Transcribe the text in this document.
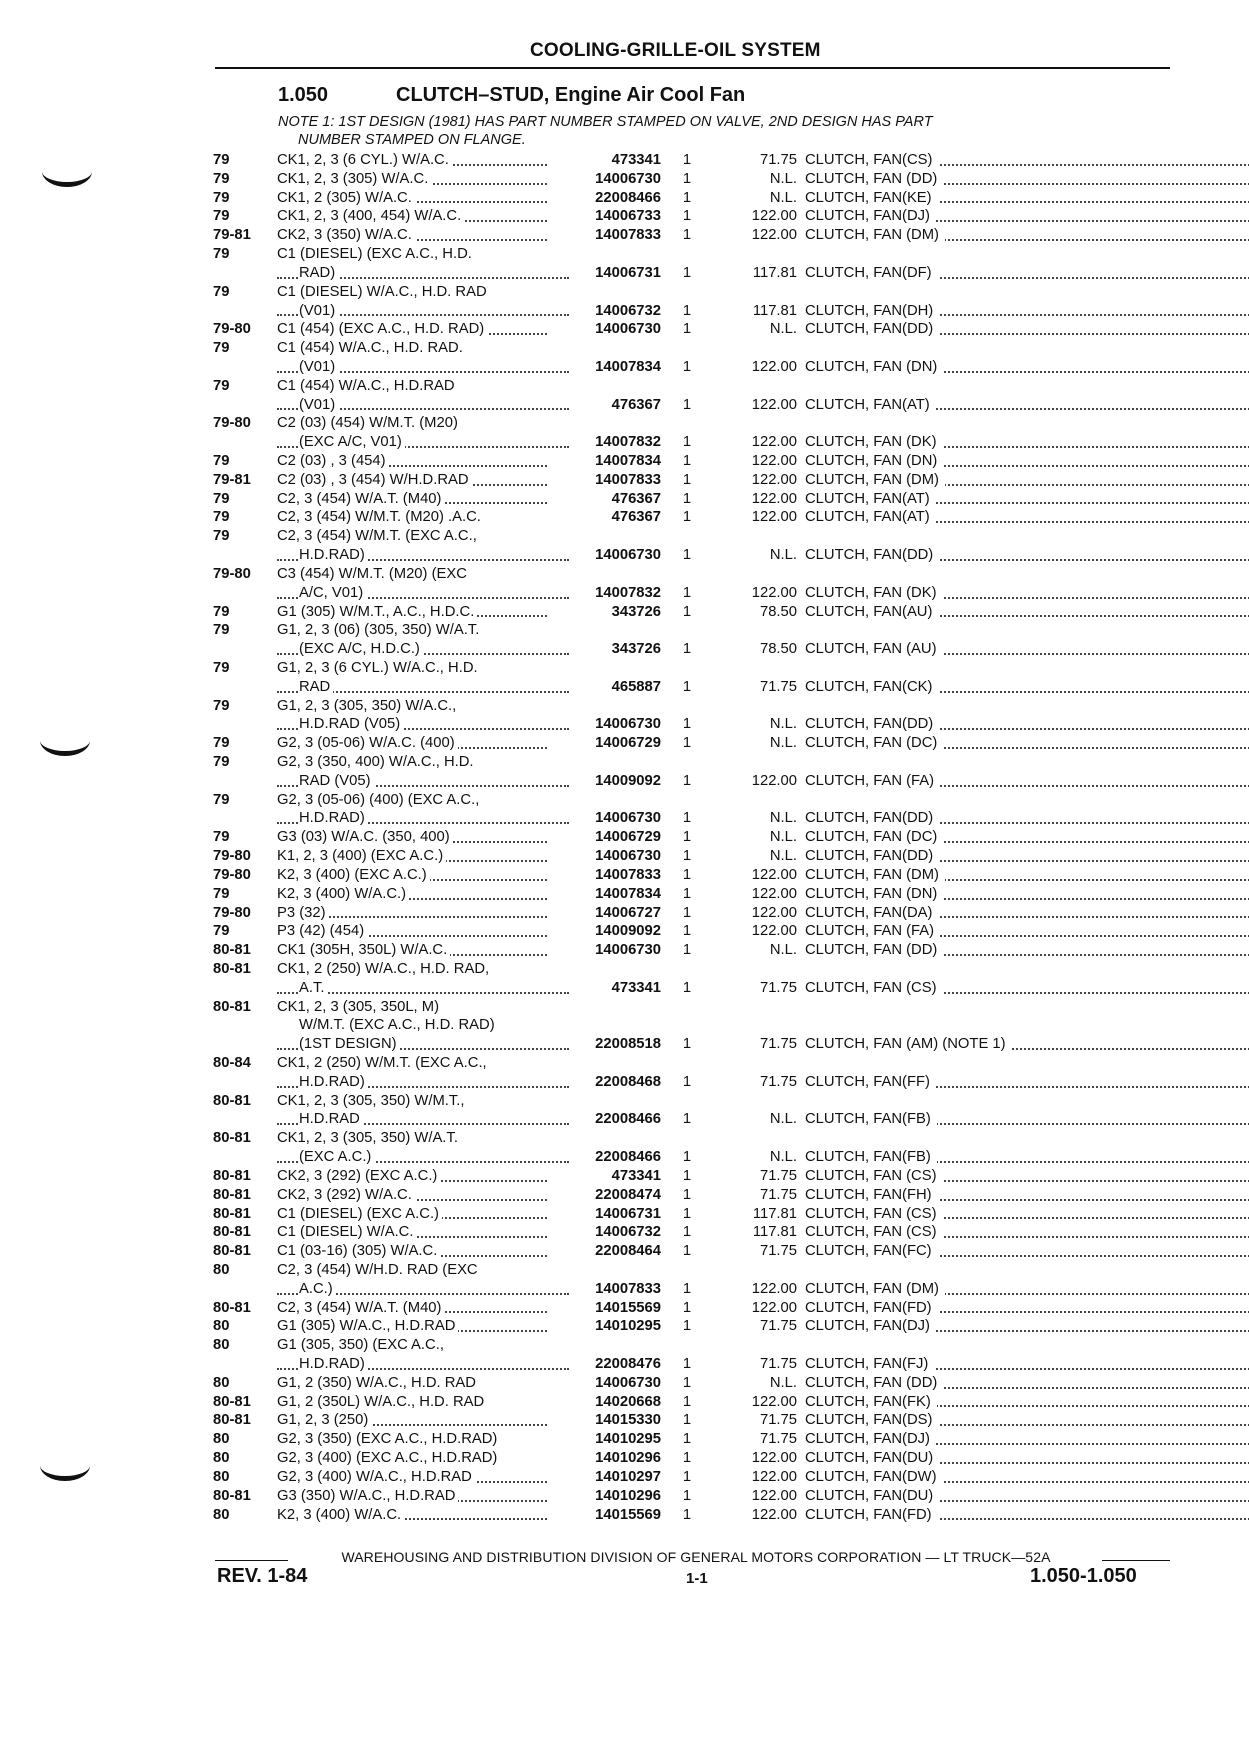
COOLING-GRILLE-OIL SYSTEM
1.050	CLUTCH–STUD, Engine Air Cool Fan
NOTE 1: 1ST DESIGN (1981) HAS PART NUMBER STAMPED ON VALVE, 2ND DESIGN HAS PART
NUMBER STAMPED ON FLANGE.
79	CK1, 2, 3 (6 CYL.) W/A.C.	473341	1	71.75 CLUTCH, FAN(CS)
79	CK1, 2, 3 (305) W/A.C.	14006730	1	N.L. CLUTCH, FAN (DD)
79	CK1, 2 (305) W/A.C.	22008466	1	N.L. CLUTCH, FAN(KE)
79	CK1, 2, 3 (400, 454) W/A.C.	14006733	1	122.00 CLUTCH, FAN(DJ)
79-81	CK2, 3 (350) W/A.C.	14007833	1	122.00 CLUTCH, FAN (DM)
79	C1 (DIESEL) (EXC A.C., H.D.
RAD)	14006731	1	117.81 CLUTCH, FAN(DF)
79	C1 (DIESEL) W/A.C., H.D. RAD
(V01)	14006732	1	117.81 CLUTCH, FAN(DH)
79-80	C1 (454) (EXC A.C., H.D. RAD)	14006730	1	N.L. CLUTCH, FAN(DD)
79	C1 (454) W/A.C., H.D. RAD.
(V01)	14007834	1	122.00 CLUTCH, FAN (DN)
79	C1 (454) W/A.C., H.D.RAD
(V01)	476367	1	122.00 CLUTCH, FAN(AT)
79-80	C2 (03) (454) W/M.T. (M20)
(EXC A/C, V01)	14007832	1	122.00 CLUTCH, FAN (DK)
79	C2 (03) , 3 (454)	14007834	1	122.00 CLUTCH, FAN (DN)
79-81	C2 (03) , 3 (454) W/H.D.RAD	14007833	1	122.00 CLUTCH, FAN (DM)
79	C2, 3 (454) W/A.T. (M40)	476367	1	122.00 CLUTCH, FAN(AT)
79	C2, 3 (454) W/M.T. (M20) .A.C.	476367	1	122.00 CLUTCH, FAN(AT)
79	C2, 3 (454) W/M.T. (EXC A.C.,
H.D.RAD)	14006730	1	N.L. CLUTCH, FAN(DD)
79-80	C3 (454) W/M.T. (M20) (EXC
A/C, V01)	14007832	1	122.00 CLUTCH, FAN (DK)
79	G1 (305) W/M.T., A.C., H.D.C.	343726	1	78.50 CLUTCH, FAN(AU)
79	G1, 2, 3 (06) (305, 350) W/A.T.
(EXC A/C, H.D.C.)	343726	1	78.50 CLUTCH, FAN (AU)
79	G1, 2, 3 (6 CYL.) W/A.C., H.D.
RAD	465887	1	71.75 CLUTCH, FAN(CK)
79	G1, 2, 3 (305, 350) W/A.C.,
H.D.RAD (V05)	14006730	1	N.L. CLUTCH, FAN(DD)
79	G2, 3 (05-06) W/A.C. (400)	14006729	1	N.L. CLUTCH, FAN (DC)
79	G2, 3 (350, 400) W/A.C., H.D.
RAD (V05)	14009092	1	122.00 CLUTCH, FAN (FA)
79	G2, 3 (05-06) (400) (EXC A.C.,
H.D.RAD)	14006730	1	N.L. CLUTCH, FAN(DD)
79	G3 (03) W/A.C. (350, 400)	14006729	1	N.L. CLUTCH, FAN (DC)
79-80	K1, 2, 3 (400) (EXC A.C.)	14006730	1	N.L. CLUTCH, FAN(DD)
79-80	K2, 3 (400) (EXC A.C.)	14007833	1	122.00 CLUTCH, FAN (DM)
79	K2, 3 (400) W/A.C.)	14007834	1	122.00 CLUTCH, FAN (DN)
79-80	P3 (32)	14006727	1	122.00 CLUTCH, FAN(DA)
79	P3 (42) (454)	14009092	1	122.00 CLUTCH, FAN (FA)
80-81	CK1 (305H, 350L) W/A.C.	14006730	1	N.L. CLUTCH, FAN (DD)
80-81	CK1, 2 (250) W/A.C., H.D. RAD,
A.T.	473341	1	71.75 CLUTCH, FAN (CS)
80-81	CK1, 2, 3 (305, 350L, M)
W/M.T. (EXC A.C., H.D. RAD)
(1ST DESIGN)	22008518	1	71.75 CLUTCH, FAN (AM) (NOTE 1)
80-84	CK1, 2 (250) W/M.T. (EXC A.C.,
H.D.RAD)	22008468	1	71.75 CLUTCH, FAN(FF)
80-81	CK1, 2, 3 (305, 350) W/M.T.,
H.D.RAD	22008466	1	N.L. CLUTCH, FAN(FB)
80-81	CK1, 2, 3 (305, 350) W/A.T.
(EXC A.C.)	22008466	1	N.L. CLUTCH, FAN(FB)
80-81	CK2, 3 (292) (EXC A.C.)	473341	1	71.75 CLUTCH, FAN (CS)
80-81	CK2, 3 (292) W/A.C.	22008474	1	71.75 CLUTCH, FAN(FH)
80-81	C1 (DIESEL) (EXC A.C.)	14006731	1	117.81 CLUTCH, FAN (CS)
80-81	C1 (DIESEL) W/A.C.	14006732	1	117.81 CLUTCH, FAN (CS)
80-81	C1 (03-16) (305) W/A.C.	22008464	1	71.75 CLUTCH, FAN(FC)
80	C2, 3 (454) W/H.D. RAD (EXC
A.C.)	14007833	1	122.00 CLUTCH, FAN (DM)
80-81	C2, 3 (454) W/A.T. (M40)	14015569	1	122.00 CLUTCH, FAN(FD)
80	G1 (305) W/A.C., H.D.RAD	14010295	1	71.75 CLUTCH, FAN(DJ)
80	G1 (305, 350) (EXC A.C.,
H.D.RAD)	22008476	1	71.75 CLUTCH, FAN(FJ)
80	G1, 2 (350) W/A.C., H.D. RAD	14006730	1	N.L. CLUTCH, FAN (DD)
80-81	G1, 2 (350L) W/A.C., H.D. RAD	14020668	1	122.00 CLUTCH, FAN(FK)
80-81	G1, 2, 3 (250)	14015330	1	71.75 CLUTCH, FAN(DS)
80	G2, 3 (350) (EXC A.C., H.D.RAD)	14010295	1	71.75 CLUTCH, FAN(DJ)
80	G2, 3 (400) (EXC A.C., H.D.RAD)	14010296	1	122.00 CLUTCH, FAN(DU)
80	G2, 3 (400) W/A.C., H.D.RAD	14010297	1	122.00 CLUTCH, FAN(DW)
80-81	G3 (350) W/A.C., H.D.RAD	14010296	1	122.00 CLUTCH, FAN(DU)
80	K2, 3 (400) W/A.C.	14015569	1	122.00 CLUTCH, FAN(FD)
WAREHOUSING AND DISTRIBUTION DIVISION OF GENERAL MOTORS CORPORATION — LT TRUCK—52A
REV. 1-84	1-1	1.050-1.050
